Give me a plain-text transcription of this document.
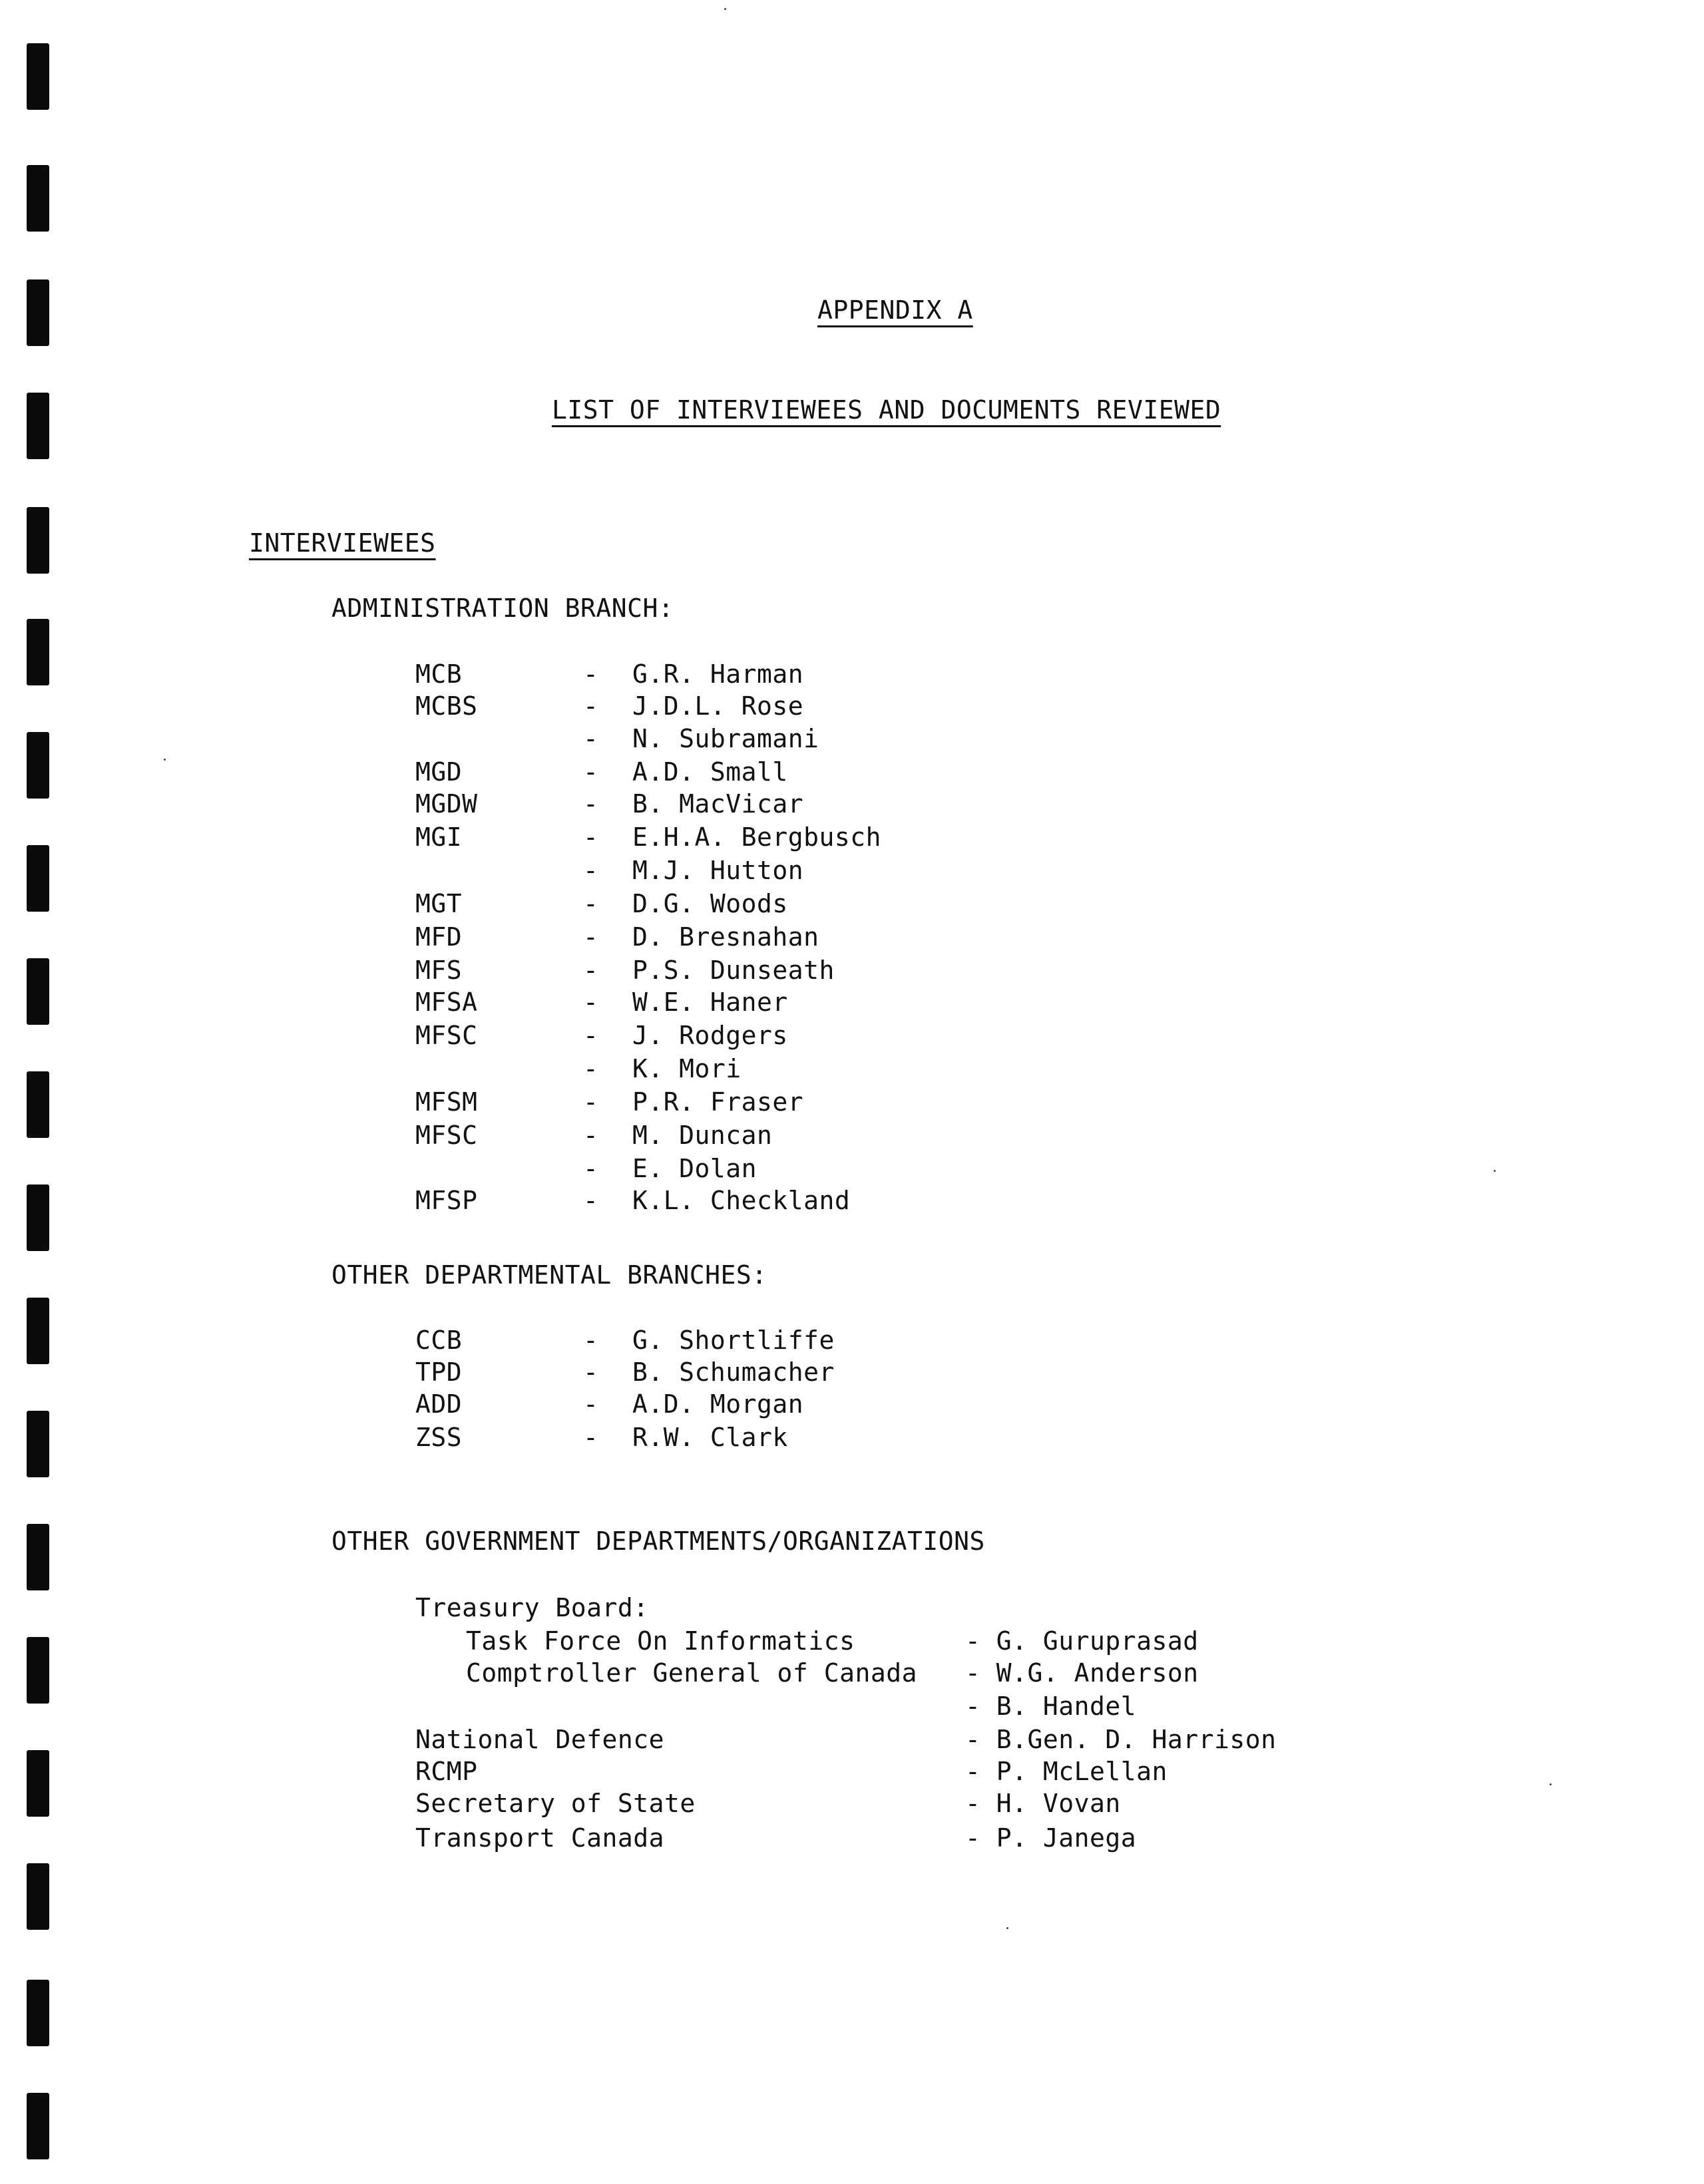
APPENDIX A
LIST OF INTERVIEWEES AND DOCUMENTS REVIEWED
INTERVIEWEES
ADMINISTRATION BRANCH:
MCB	- G.R. Harman
MCBS	- J.D.L. Rose
- N. Subramani
MGD	- A.D. Small
MGDW	- B. MacVicar
MGI	- E.H.A. Bergbusch
- M.J. Hutton
MGT	- D.G. Woods
MFD	- D. Bresnahan
MFS	- P.S. Dunseath
MFSA	- W.E. Haner
MFSC	- J. Rodgers
- K. Mori
MFSM	- P.R. Fraser
MFSC	- M. Duncan
- E. Dolan
MFSP	- K.L. Checkland
OTHER DEPARTMENTAL BRANCHES:
CCB	- G. Shortliffe
TPD	- B. Schumacher
ADD	- A.D. Morgan
ZSS	- R.W. Clark
OTHER GOVERNMENT DEPARTMENTS/ORGANIZATIONS
Treasury Board:
Task Force On Informatics	- G. Guruprasad
Comptroller General of Canada - W.G. Anderson
- B. Handel
National Defence	- B.Gen. D. Harrison
RCMP	- P. McLellan
Secretary of State	- H. Vovan
Transport Canada	- P. Janega
